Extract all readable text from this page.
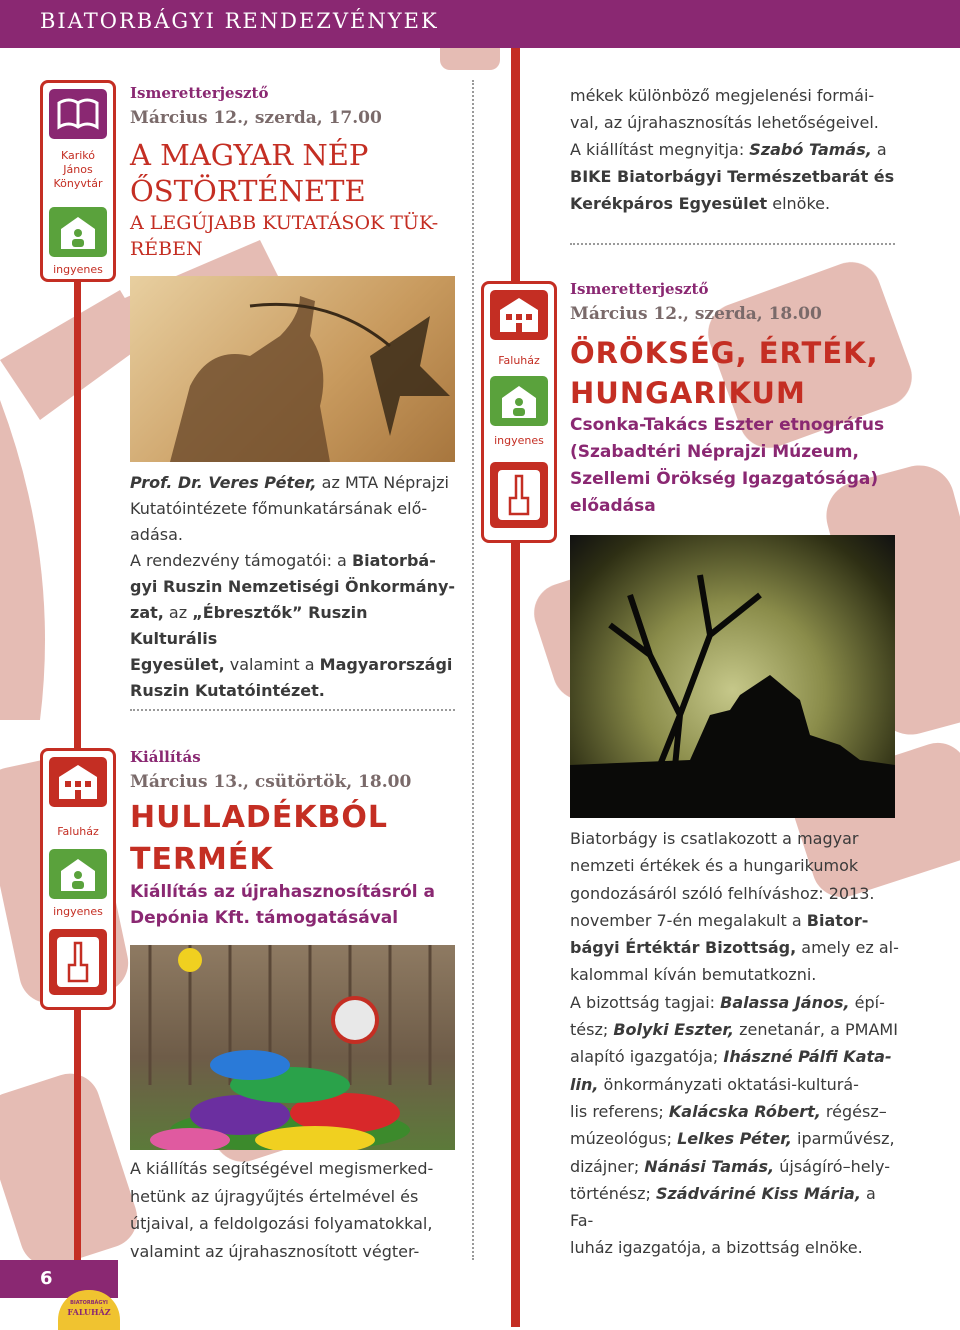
BIATORBÁGYI RENDEZVÉNYEK
Karikó János Könyvtár
ingyenes
Ismeretterjesztő
Március 12., szerda, 17.00
A MAGYAR NÉP
ŐSTÖRTÉNETE
A LEGÚJABB KUTATÁSOK TÜK-
RÉBEN
Prof. Dr. Veres Péter, az MTA Néprajzi
Kutatóintézete főmunkatársának elő-
adása.
A rendezvény támogatói: a Biatorbá-
gyi Ruszin Nemzetiségi Önkormány-
zat, az „Ébresztők” Ruszin Kulturális
Egyesület, valamint a Magyarországi
Ruszin Kutatóintézet.
Faluház
ingyenes
Kiállítás
Március 13., csütörtök, 18.00
HULLADÉKBÓL
TERMÉK
Kiállítás az újrahasznosításról a
Depónia Kft. támogatásával
A kiállítás segítségével megismerked-
hetünk az újragyűjtés értelmével és
útjaival, a feldolgozási folyamatokkal,
valamint az újrahasznosított végter-
mékek különböző megjelenési formái-
val, az újrahasznosítás lehetőségeivel.
A kiállítást megnyitja: Szabó Tamás, a
BIKE Biatorbágyi Természetbarát és
Kerékpáros Egyesület elnöke.
Faluház
ingyenes
Ismeretterjesztő
Március 12., szerda, 18.00
ÖRÖKSÉG, ÉRTÉK,
HUNGARIKUM
Csonka-Takács Eszter etnográfus
(Szabadtéri Néprajzi Múzeum,
Szellemi Örökség Igazgatósága)
előadása
Biatorbágy is csatlakozott a magyar
nemzeti értékek és a hungarikumok
gondozásáról szóló felhíváshoz: 2013.
november 7-én megalakult a Biator-
bágyi Értéktár Bizottság, amely ez al-
kalommal kíván bemutatkozni.
A bizottság tagjai: Balassa János, épí-
tész; Bolyki Eszter, zenetanár, a PMAMI
alapító igazgatója; Ihászné Pálfi Kata-
lin, önkormányzati oktatási-kulturá-
lis referens; Kalácska Róbert, régész–
múzeológus; Lelkes Péter, iparművész,
dizájner; Nánási Tamás, újságíró–hely-
történész; Szádváriné Kiss Mária, a Fa-
luház igazgatója, a bizottság elnöke.
6
BIATORBÁGYI
FALUHÁZ
